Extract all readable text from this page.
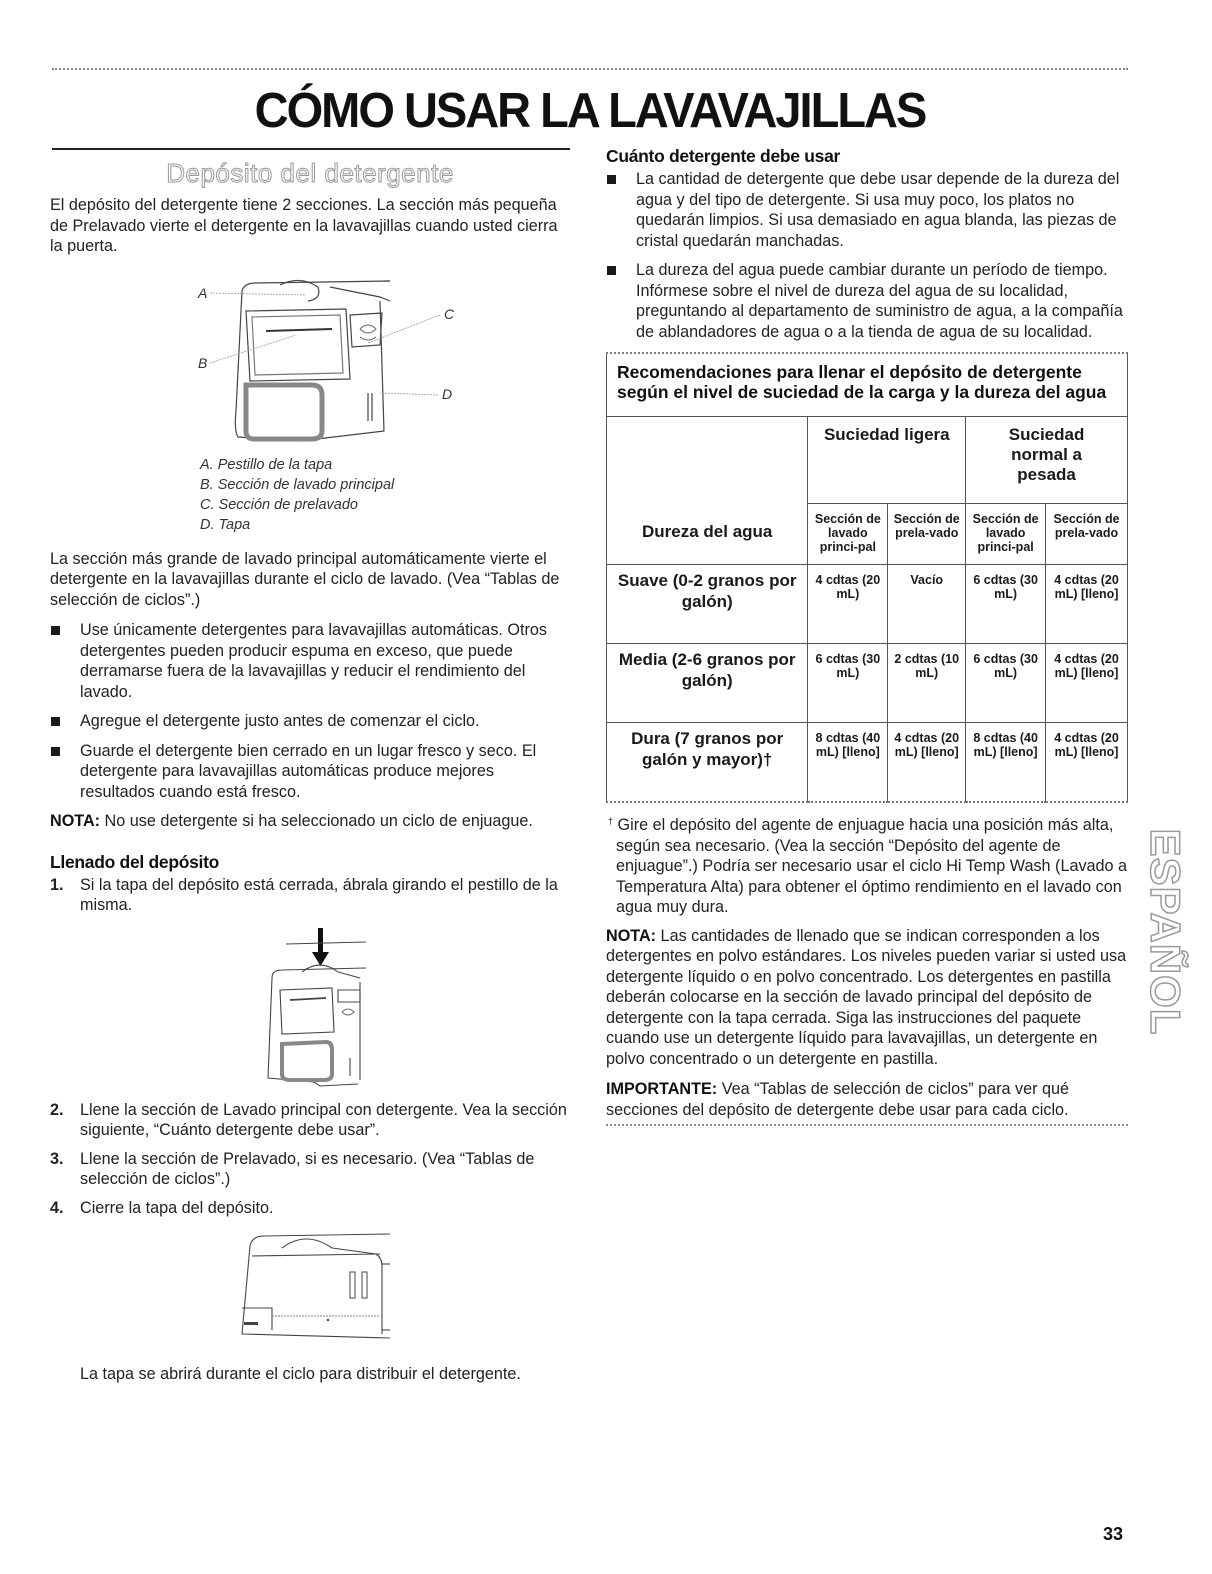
CÓMO USAR LA LAVAVAJILLAS
Depósito del detergente

El depósito del detergente tiene 2 secciones. La sección más pequeña de Prelavado vierte el detergente en la lavavajillas cuando usted cierra la puerta.

A
B
C
D
A. Pestillo de la tapa
B. Sección de lavado principal
C. Sección de prelavado
D. Tapa

La sección más grande de lavado principal automáticamente vierte el detergente en la lavavajillas durante el ciclo de lavado. (Vea “Tablas de selección de ciclos”.)

Use únicamente detergentes para lavavajillas automáticas. Otros detergentes pueden producir espuma en exceso, que puede derramarse fuera de la lavavajillas y reducir el rendimiento del lavado.
Agregue el detergente justo antes de comenzar el ciclo.
Guarde el detergente bien cerrado en un lugar fresco y seco. El detergente para lavavajillas automáticas produce mejores resultados cuando está fresco.

NOTA: No use detergente si ha seleccionado un ciclo de enjuague.

Llenado del depósito
1. Si la tapa del depósito está cerrada, ábrala girando el pestillo de la misma.
2. Llene la sección de Lavado principal con detergente. Vea la sección siguiente, “Cuánto detergente debe usar”.
3. Llene la sección de Prelavado, si es necesario. (Vea “Tablas de selección de ciclos”.)
4. Cierre la tapa del depósito.

La tapa se abrirá durante el ciclo para distribuir el detergente.

Cuánto detergente debe usar
La cantidad de detergente que debe usar depende de la dureza del agua y del tipo de detergente. Si usa muy poco, los platos no quedarán limpios. Si usa demasiado en agua blanda, las piezas de cristal quedarán manchadas.
La dureza del agua puede cambiar durante un período de tiempo. Infórmese sobre el nivel de dureza del agua de su localidad, preguntando al departamento de suministro de agua, a la compañía de ablandadores de agua o a la tienda de agua de su localidad.
Recomendaciones para llenar el depósito de detergente según el nivel de suciedad de la carga y la dureza del agua				
Dureza del agua	Suciedad ligera		Suciedad normal a pesada	
	Sección de lavado princi-pal	Sección de prela-vado	Sección de lavado princi-pal	Sección de prela-vado
Suave (0-2 granos por galón)	4 cdtas (20 mL)	Vacío	6 cdtas (30 mL)	4 cdtas (20 mL) [lleno]
Media (2-6 granos por galón)	6 cdtas (30 mL)	2 cdtas (10 mL)	6 cdtas (30 mL)	4 cdtas (20 mL) [lleno]
Dura (7 granos por galón y mayor)†	8 cdtas (40 mL) [lleno]	4 cdtas (20 mL) [lleno]	8 cdtas (40 mL) [lleno]	4 cdtas (20 mL) [lleno]

† Gire el depósito del agente de enjuague hacia una posición más alta, según sea necesario. (Vea la sección “Depósito del agente de enjuague”.) Podría ser necesario usar el ciclo Hi Temp Wash (Lavado a Temperatura Alta) para obtener el óptimo rendimiento en el lavado con agua muy dura.

NOTA: Las cantidades de llenado que se indican corresponden a los detergentes en polvo estándares. Los niveles pueden variar si usted usa detergente líquido o en polvo concentrado. Los detergentes en pastilla deberán colocarse en la sección de lavado principal del depósito de detergente con la tapa cerrada. Siga las instrucciones del paquete cuando use un detergente líquido para lavavajillas, un detergente en polvo concentrado o un detergente en pastilla.

IMPORTANTE: Vea “Tablas de selección de ciclos” para ver qué secciones del depósito de detergente debe usar para cada ciclo.

ESPAÑOL
33
